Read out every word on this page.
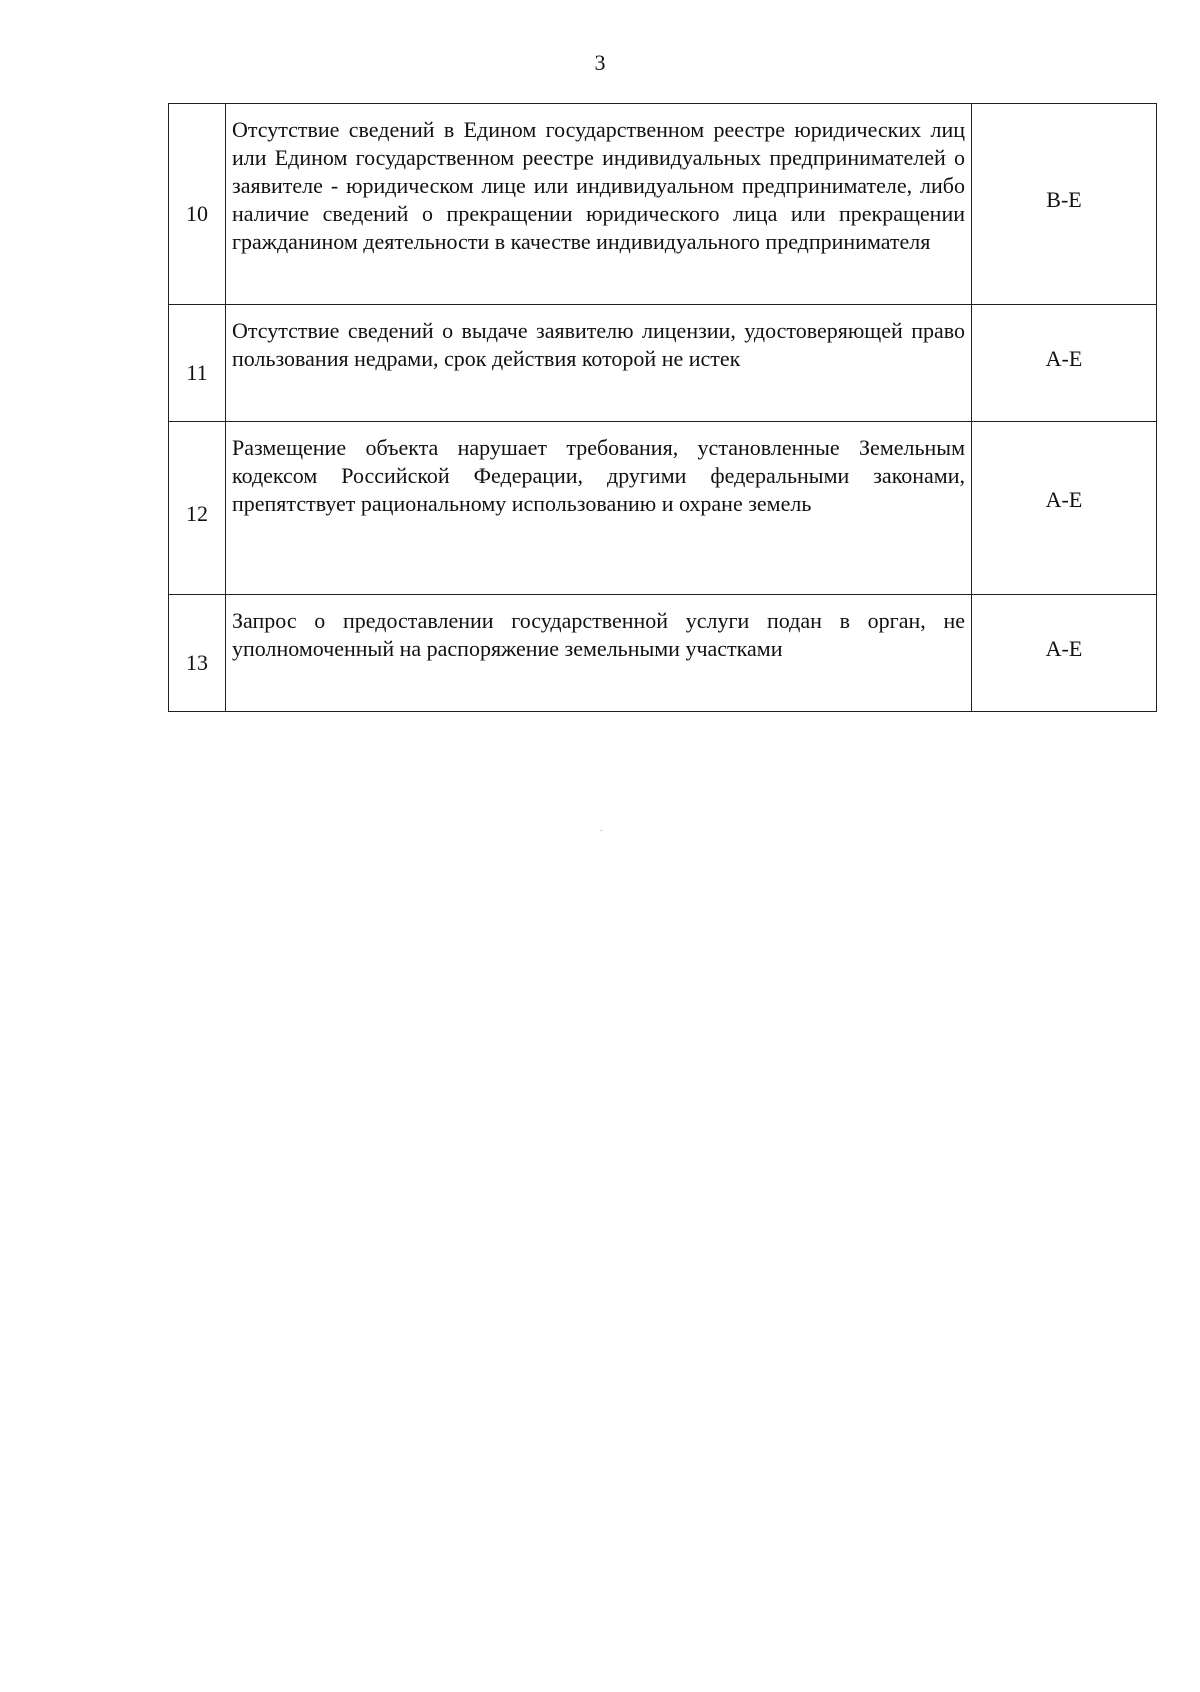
3
10	Отсутствие сведений в Едином государственном реестре юридических лиц или Едином государственном реестре индивидуальных предпринимателей о заявителе - юридическом лице или индивидуальном предпринимателе, либо наличие сведений о прекращении юридического лица или прекращении гражданином деятельности в качестве индивидуального предпринимателя	В-Е

11	Отсутствие сведений о выдаче заявителю лицензии, удостоверяющей право пользования недрами, срок действия которой не истек	А-Е

12	Размещение объекта нарушает требования, установленные Земельным кодексом Российской Федерации, другими федеральными законами, препятствует рациональному использованию и охране земель	А-Е

13	Запрос о предоставлении государственной услуги подан в орган, не уполномоченный на распоряжение земельными участками	А-Е
